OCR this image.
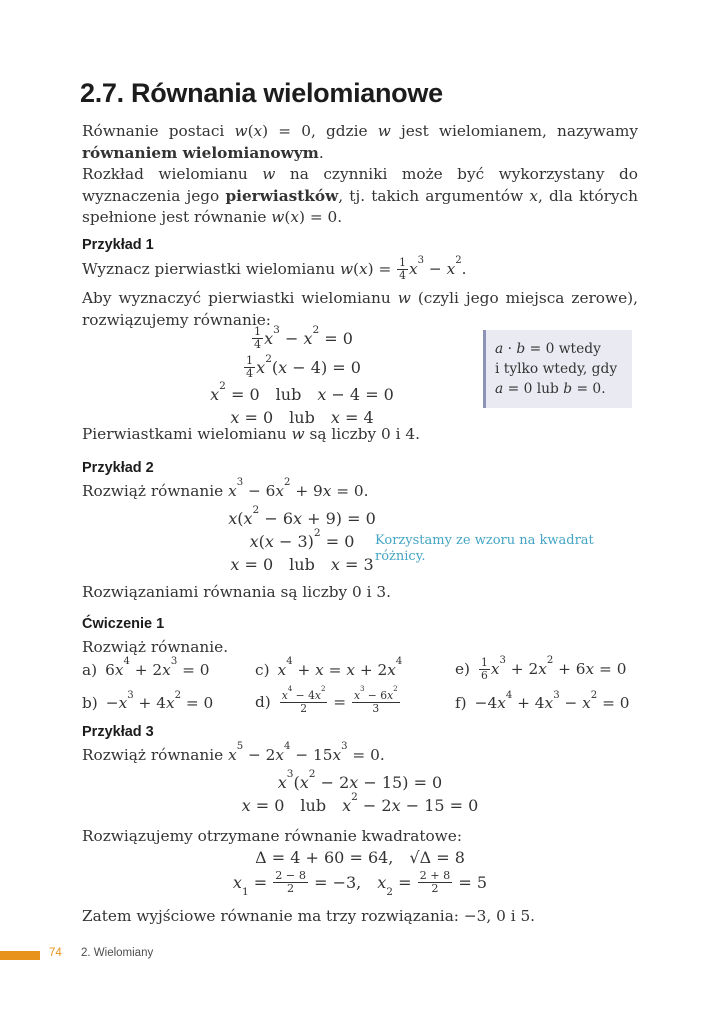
2.7. Równania wielomianowe

Równanie postaci w(x) = 0, gdzie w jest wielomianem, nazywamy równaniem wielomianowym.

Rozkład wielomianu w na czynniki może być wykorzystany do wyznaczenia jego pierwiastków, tj. takich argumentów x, dla których spełnione jest równanie w(x) = 0.

Przykład 1

Wyznacz pierwiastki wielomianu $w(x) = \frac{1}{4} x^3 - x^2$.

Aby wyznaczyć pierwiastki wielomianu w (czyli jego miejsca zerowe), rozwiązujemy równanie:

$\frac{1}{4} x^3 - x^2 = 0$
$\frac{1}{4} x^2(x - 4) = 0$
$x^2 = 0$ lub x − 4 = 0
x = 0 lub x = 4
a · b = 0 wtedy
i tylko wtedy, gdy
a = 0 lub b = 0.

Pierwiastkami wielomianu w są liczby 0 i 4.

Przykład 2

Rozwiąż równanie $x^3 - 6x^2 + 9x = 0$.

$x(x^2 - 6x + 9) = 0$
$x(x - 3)^2 = 0$
x = 0 lub x = 3
Korzystamy ze wzoru na kwadrat różnicy.

Rozwiązaniami równania są liczby 0 i 3.

Ćwiczenie 1

Rozwiąż równanie.

a) $6x^4 + 2x^3 = 0$	c) $x^4 + x = x + 2x^4$	$e) \frac{1}{6} x^3 + 2x^2 + 6x = 0$
$b) -x^3 + 4x^2 = 0$	$d) \frac{x^4 - 4x^2}{2} = \frac{x^3 - 6x^2}{3}$	$f) -4x^4 + 4x^3 - x^2 = 0$
Przykład 3

Rozwiąż równanie $x^5 - 2x^4 - 15x^3 = 0$.

$x^3(x^2 - 2x - 15) = 0$
x = 0 lub $x^2 - 2x - 15 = 0$

Rozwiązujemy otrzymane równanie kwadratowe:

Δ = 4 + 60 = 64, √Δ = 8
$x_1 = \frac{2 - 8}{2} = -3$, $x_2 = \frac{2 + 8}{2} = 5$

Zatem wyjściowe równanie ma trzy rozwiązania: −3, 0 i 5.

74 2. Wielomiany
